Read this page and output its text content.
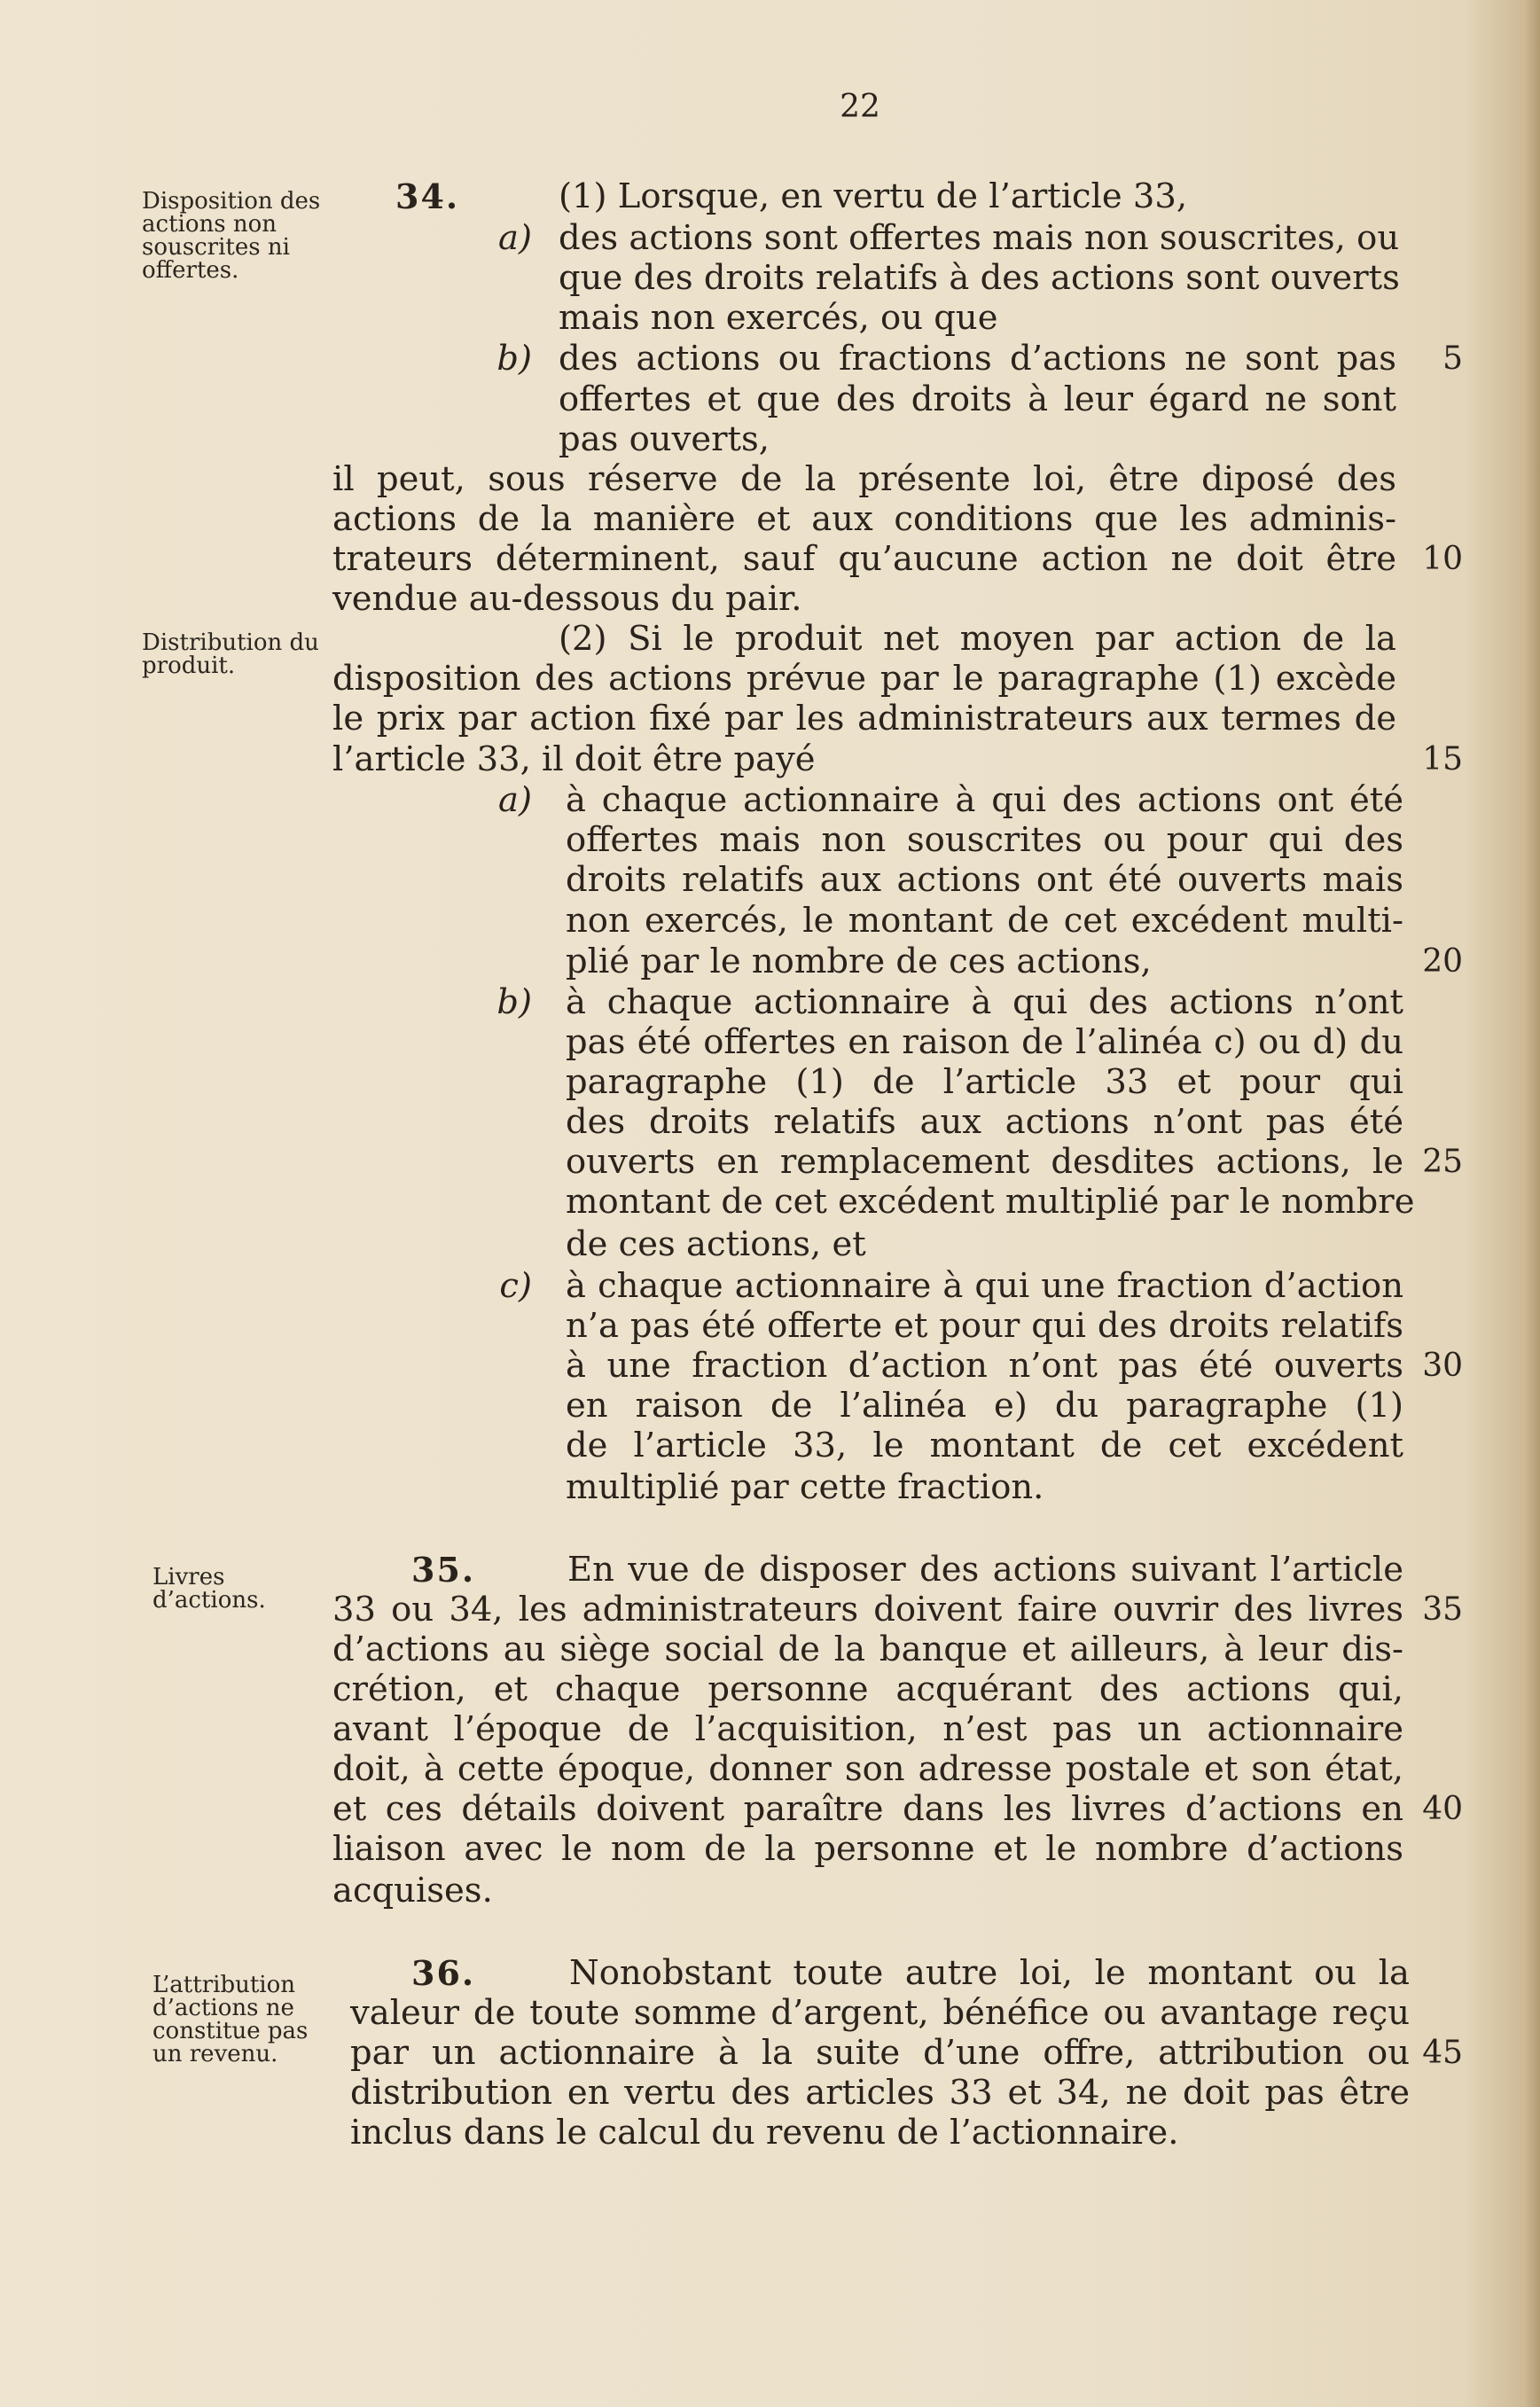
22
Disposition des actions non souscrites ni offertes.
Distribution du produit.
Livres d’actions.
L’attribution d’actions ne constitue pas un revenu.
34.
35.
36.
a)
b)
a)
b)
c)
(1) Lorsque, en vertu de l’article 33,
des actions sont offertes mais non souscrites, ou
que des droits relatifs à des actions sont ouverts
mais non exercés, ou que
des actions ou fractions d’actions ne sont pas
offertes et que des droits à leur égard ne sont
pas ouverts,
il peut, sous réserve de la présente loi, être diposé des
actions de la manière et aux conditions que les adminis-
trateurs déterminent, sauf qu’aucune action ne doit être
vendue au-dessous du pair.
(2) Si le produit net moyen par action de la
disposition des actions prévue par le paragraphe (1) excède
le prix par action fixé par les administrateurs aux termes de
l’article 33, il doit être payé
à chaque actionnaire à qui des actions ont été
offertes mais non souscrites ou pour qui des
droits relatifs aux actions ont été ouverts mais
non exercés, le montant de cet excédent multi-
plié par le nombre de ces actions,
à chaque actionnaire à qui des actions n’ont
pas été offertes en raison de l’alinéa c) ou d) du
paragraphe (1) de l’article 33 et pour qui
des droits relatifs aux actions n’ont pas été
ouverts en remplacement desdites actions, le
montant de cet excédent multiplié par le nombre
de ces actions, et
à chaque actionnaire à qui une fraction d’action
n’a pas été offerte et pour qui des droits relatifs
à une fraction d’action n’ont pas été ouverts
en raison de l’alinéa e) du paragraphe (1)
de l’article 33, le montant de cet excédent
multiplié par cette fraction.
En vue de disposer des actions suivant l’article
33 ou 34, les administrateurs doivent faire ouvrir des livres
d’actions au siège social de la banque et ailleurs, à leur dis-
crétion, et chaque personne acquérant des actions qui,
avant l’époque de l’acquisition, n’est pas un actionnaire
doit, à cette époque, donner son adresse postale et son état,
et ces détails doivent paraître dans les livres d’actions en
liaison avec le nom de la personne et le nombre d’actions
acquises.
Nonobstant toute autre loi, le montant ou la
valeur de toute somme d’argent, bénéfice ou avantage reçu
par un actionnaire à la suite d’une offre, attribution ou
distribution en vertu des articles 33 et 34, ne doit pas être
inclus dans le calcul du revenu de l’actionnaire.
5
10
15
20
25
30
35
40
45
